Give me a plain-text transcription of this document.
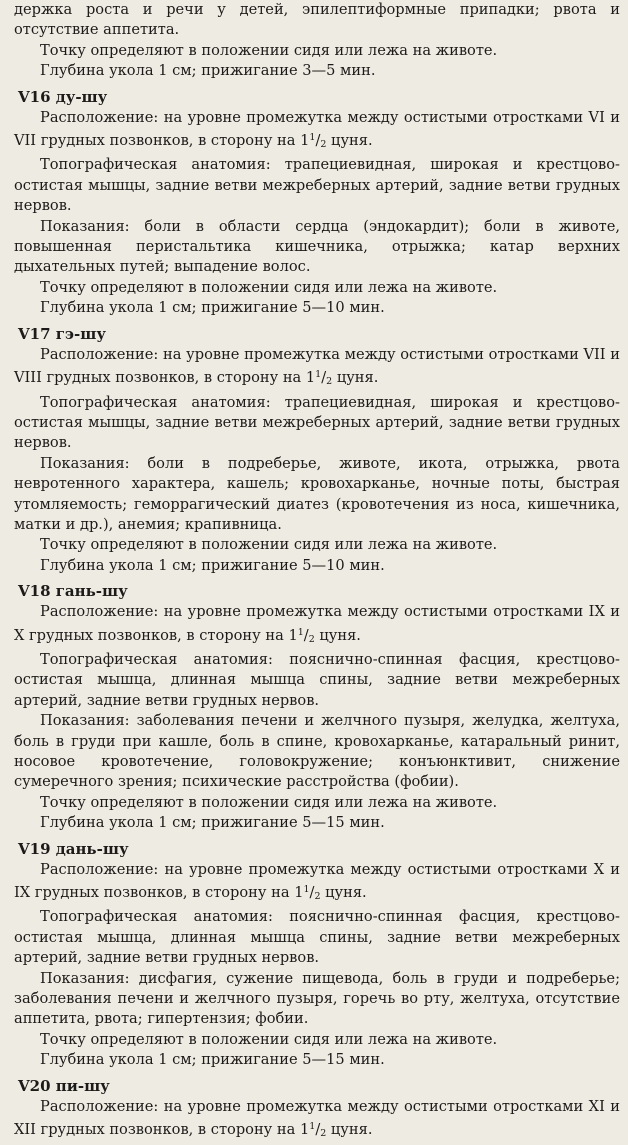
держка роста и речи у детей, эпилептиформные припадки; рвота и отсутствие аппетита.

Точку определяют в положении сидя или лежа на животе.

Глубина укола 1 см; прижигание 3—5 мин.

V16 ду-шу

Расположение: на уровне промежутка между остистыми отростками VI и VII грудных позвонков, в сторону на $1^1/_2$ цуня.

Топографическая анатомия: трапециевидная, широкая и крестцово-остистая мышцы, задние ветви межреберных артерий, задние ветви грудных нервов.

Показания: боли в области сердца (эндокардит); боли в животе, повышенная перистальтика кишечника, отрыжка; катар верхних дыхательных путей; выпадение волос.

Точку определяют в положении сидя или лежа на животе.

Глубина укола 1 см; прижигание 5—10 мин.

V17 гэ-шу

Расположение: на уровне промежутка между остистыми отростками VII и VIII грудных позвонков, в сторону на $1^1/_2$ цуня.

Топографическая анатомия: трапециевидная, широкая и крестцово-остистая мышцы, задние ветви межреберных артерий, задние ветви грудных нервов.

Показания: боли в подреберье, животе, икота, отрыжка, рвота невротенного характера, кашель; кровохарканье, ночные поты, быстрая утомляемость; геморрагический диатез (кровотечения из носа, кишечника, матки и др.), анемия; крапивница.

Точку определяют в положении сидя или лежа на животе.

Глубина укола 1 см; прижигание 5—10 мин.

V18 гань-шу

Расположение: на уровне промежутка между остистыми отростками IX и X грудных позвонков, в сторону на $1^1/_2$ цуня.

Топографическая анатомия: пояснично-спинная фасция, крестцово-остистая мышца, длинная мышца спины, задние ветви межреберных артерий, задние ветви грудных нервов.

Показания: заболевания печени и желчного пузыря, желудка, желтуха, боль в груди при кашле, боль в спине, кровохарканье, катаральный ринит, носовое кровотечение, головокружение; конъюнктивит, снижение сумеречного зрения; психические расстройства (фобии).

Точку определяют в положении сидя или лежа на животе.

Глубина укола 1 см; прижигание 5—15 мин.

V19 дань-шу

Расположение: на уровне промежутка между остистыми отростками X и IX грудных позвонков, в сторону на $1^1/_2$ цуня.

Топографическая анатомия: пояснично-спинная фасция, крестцово-остистая мышца, длинная мышца спины, задние ветви межреберных артерий, задние ветви грудных нервов.

Показания: дисфагия, сужение пищевода, боль в груди и подреберье; заболевания печени и желчного пузыря, горечь во рту, желтуха, отсутствие аппетита, рвота; гипертензия; фобии.

Точку определяют в положении сидя или лежа на животе.

Глубина укола 1 см; прижигание 5—15 мин.

V20 пи-шу

Расположение: на уровне промежутка между остистыми отростками XI и XII грудных позвонков, в сторону на $1^1/_2$ цуня.
